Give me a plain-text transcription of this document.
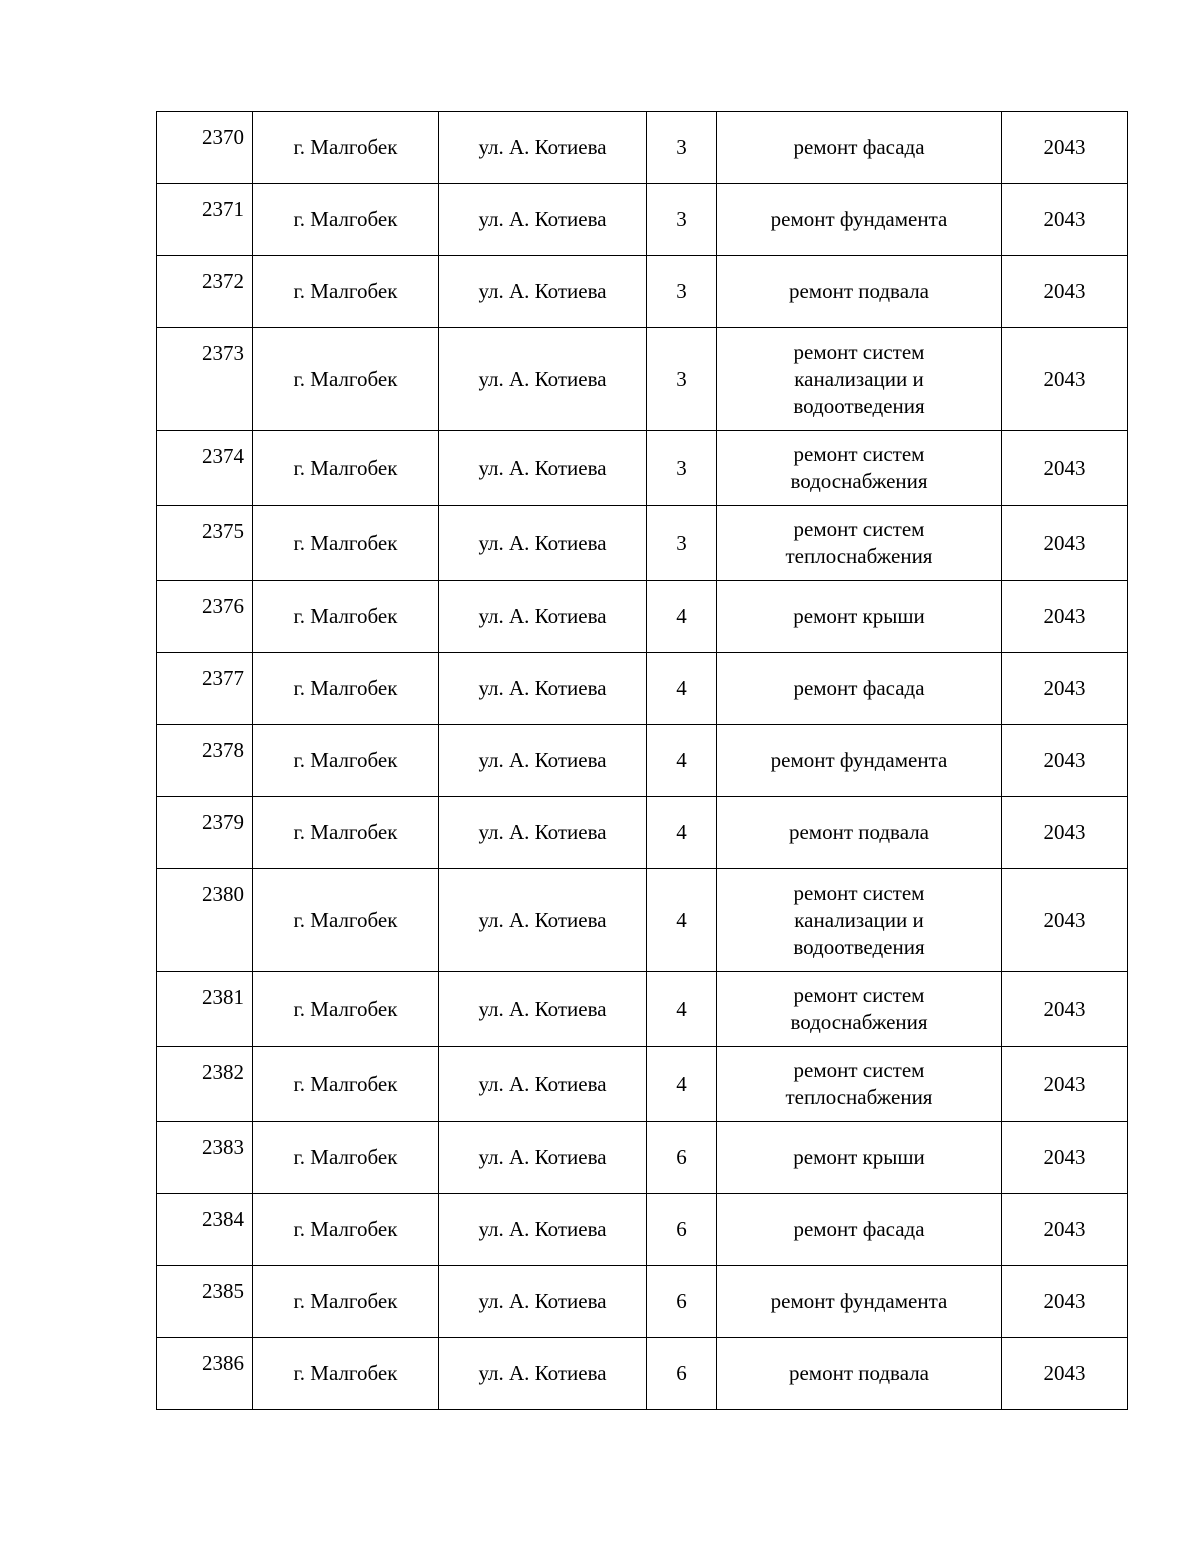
2370	г. Малгобек	ул. А. Котиева	3	ремонт фасада	2043
2371	г. Малгобек	ул. А. Котиева	3	ремонт фундамента	2043
2372	г. Малгобек	ул. А. Котиева	3	ремонт подвала	2043
2373	г. Малгобек	ул. А. Котиева	3	ремонт систем
канализации и
водоотведения	2043
2374	г. Малгобек	ул. А. Котиева	3	ремонт систем
водоснабжения	2043
2375	г. Малгобек	ул. А. Котиева	3	ремонт систем
теплоснабжения	2043
2376	г. Малгобек	ул. А. Котиева	4	ремонт крыши	2043
2377	г. Малгобек	ул. А. Котиева	4	ремонт фасада	2043
2378	г. Малгобек	ул. А. Котиева	4	ремонт фундамента	2043
2379	г. Малгобек	ул. А. Котиева	4	ремонт подвала	2043
2380	г. Малгобек	ул. А. Котиева	4	ремонт систем
канализации и
водоотведения	2043
2381	г. Малгобек	ул. А. Котиева	4	ремонт систем
водоснабжения	2043
2382	г. Малгобек	ул. А. Котиева	4	ремонт систем
теплоснабжения	2043
2383	г. Малгобек	ул. А. Котиева	6	ремонт крыши	2043
2384	г. Малгобек	ул. А. Котиева	6	ремонт фасада	2043
2385	г. Малгобек	ул. А. Котиева	6	ремонт фундамента	2043
2386	г. Малгобек	ул. А. Котиева	6	ремонт подвала	2043
